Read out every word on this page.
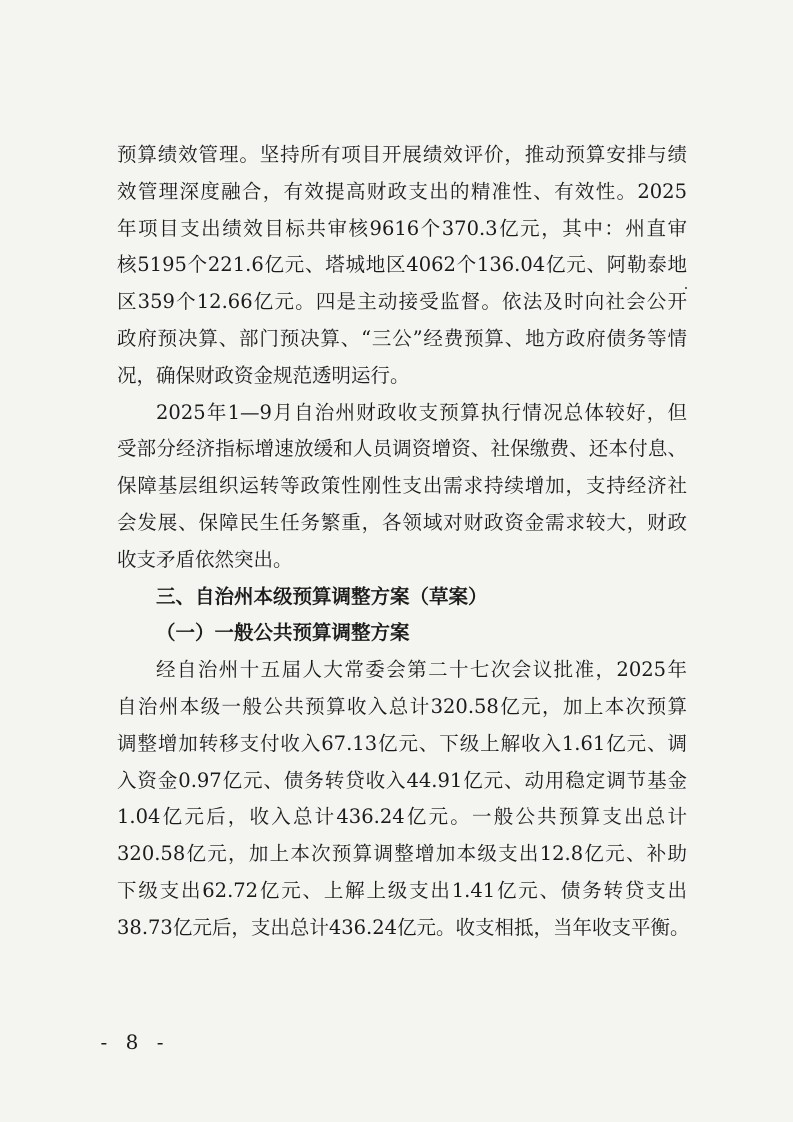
预算绩效管理。坚持所有项目开展绩效评价，推动预算安排与绩
效管理深度融合，有效提高财政支出的精准性、有效性。2025
年项目支出绩效目标共审核9616个370.3亿元，其中：州直审
核5195个221.6亿元、塔城地区4062个136.04亿元、阿勒泰地
区359个12.66亿元。四是主动接受监督。依法及时向社会公开
政府预决算、部门预决算、“三公”经费预算、地方政府债务等情
况，确保财政资金规范透明运行。
2025年1—9月自治州财政收支预算执行情况总体较好，但
受部分经济指标增速放缓和人员调资增资、社保缴费、还本付息、
保障基层组织运转等政策性刚性支出需求持续增加，支持经济社
会发展、保障民生任务繁重，各领域对财政资金需求较大，财政
收支矛盾依然突出。
三、自治州本级预算调整方案（草案）
（一）一般公共预算调整方案
经自治州十五届人大常委会第二十七次会议批准，2025年
自治州本级一般公共预算收入总计320.58亿元，加上本次预算
调整增加转移支付收入67.13亿元、下级上解收入1.61亿元、调
入资金0.97亿元、债务转贷收入44.91亿元、动用稳定调节基金
1.04亿元后，收入总计436.24亿元。一般公共预算支出总计
320.58亿元，加上本次预算调整增加本级支出12.8亿元、补助
下级支出62.72亿元、上解上级支出1.41亿元、债务转贷支出
38.73亿元后，支出总计436.24亿元。收支相抵，当年收支平衡。
- 8 -
